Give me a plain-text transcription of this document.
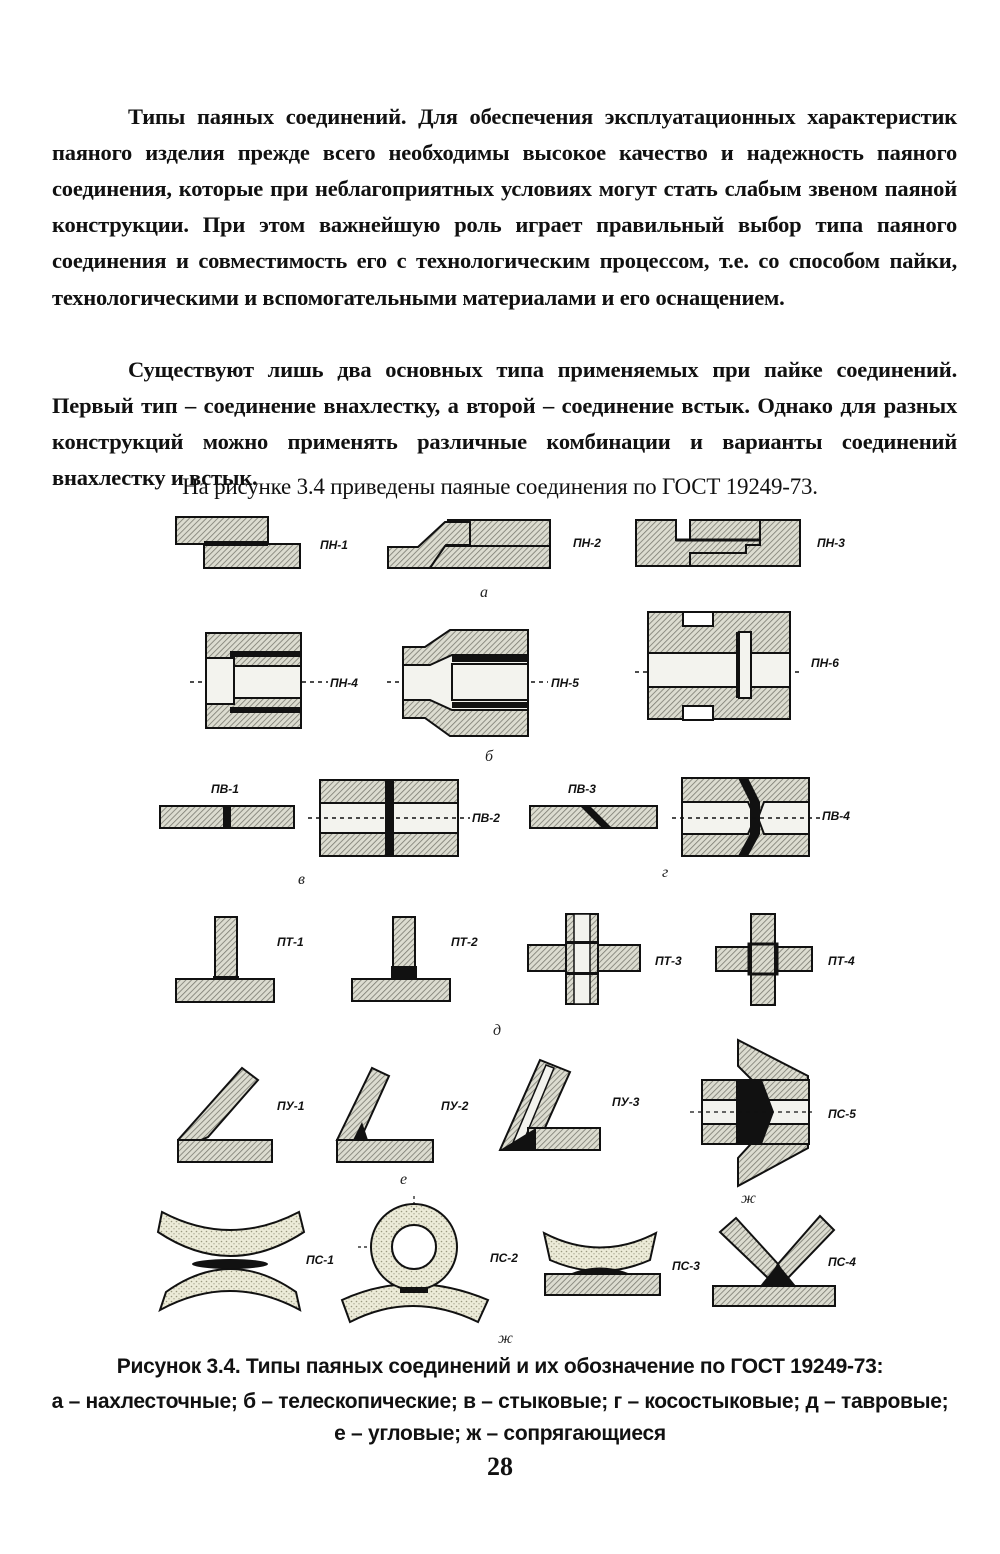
Типы паяных соединений. Для обеспечения эксплуатационных характеристик паяного изделия прежде всего необходимы высокое качество и надежность паяного соединения, которые при неблагоприятных условиях могут стать слабым звеном паяной конструкции. При этом важнейшую роль играет правильный выбор типа паяного соединения и совместимость его с технологическим процессом, т.е. со способом пайки, технологическими и вспомогательными материалами и его оснащением.

Существуют лишь два основных типа применяемых при пайке соединений. Первый тип – соединение внахлестку, а второй – соединение встык. Однако для разных конструкций можно применять различные комбинации и варианты соединений внахлестку и встык.

На рисунке 3.4 приведены паяные соединения по ГОСТ 19249-73.
ПН-1	ПН-2	ПН-3
а
ПН-4	ПН-5
ПН-6
б
ПВ-1
ПВ-2
ПВ-3
ПВ-4
в	г
ПТ-1	ПТ-2
ПТ-3	ПТ-4
д
ПУ-1	ПУ-2	ПУ-3
ПС-5
е
ж
ПС-1	ПС-2
ПС-3	ПС-4
ж
Рисунок 3.4. Типы паяных соединений и их обозначение по ГОСТ 19249-73:
а – нахлесточные; б – телескопические; в – стыковые; г – косостыковые; д – тавровые;
е – угловые; ж – сопрягающиеся
28
